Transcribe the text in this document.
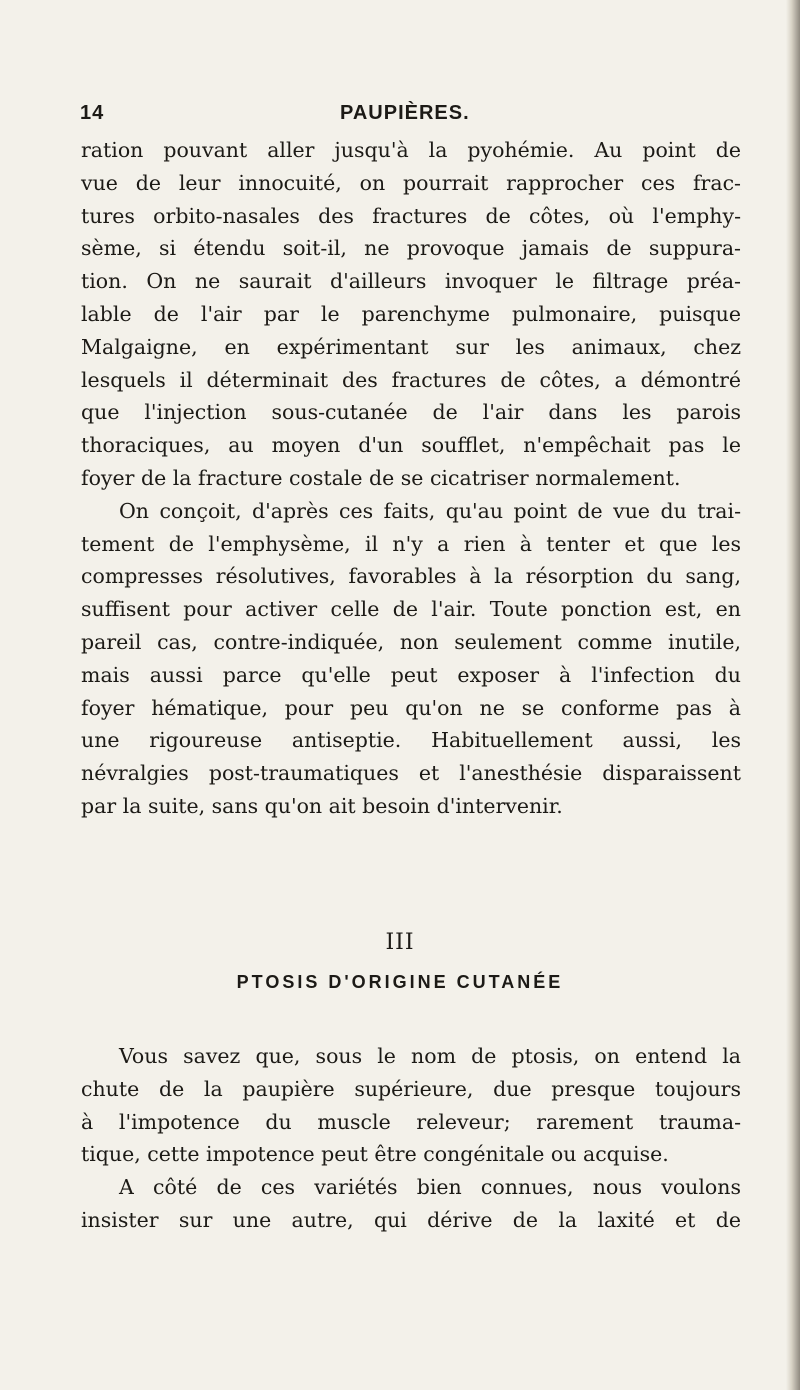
14	PAUPIÈRES.
ration pouvant aller jusqu'à la pyohémie. Au point de
vue de leur innocuité, on pourrait rapprocher ces frac-
tures orbito-nasales des fractures de côtes, où l'emphy-
sème, si étendu soit-il, ne provoque jamais de suppura-
tion. On ne saurait d'ailleurs invoquer le filtrage préa-
lable de l'air par le parenchyme pulmonaire, puisque
Malgaigne, en expérimentant sur les animaux, chez
lesquels il déterminait des fractures de côtes, a démontré
que l'injection sous-cutanée de l'air dans les parois
thoraciques, au moyen d'un soufflet, n'empêchait pas le
foyer de la fracture costale de se cicatriser normalement.
On conçoit, d'après ces faits, qu'au point de vue du trai-
tement de l'emphysème, il n'y a rien à tenter et que les
compresses résolutives, favorables à la résorption du sang,
suffisent pour activer celle de l'air. Toute ponction est, en
pareil cas, contre-indiquée, non seulement comme inutile,
mais aussi parce qu'elle peut exposer à l'infection du
foyer hématique, pour peu qu'on ne se conforme pas à
une rigoureuse antiseptie. Habituellement aussi, les
névralgies post-traumatiques et l'anesthésie disparaissent
par la suite, sans qu'on ait besoin d'intervenir.
III
PTOSIS D'ORIGINE CUTANÉE
Vous savez que, sous le nom de ptosis, on entend la
chute de la paupière supérieure, due presque toujours
à l'impotence du muscle releveur; rarement trauma-
tique, cette impotence peut être congénitale ou acquise.
A côté de ces variétés bien connues, nous voulons
insister sur une autre, qui dérive de la laxité et de
